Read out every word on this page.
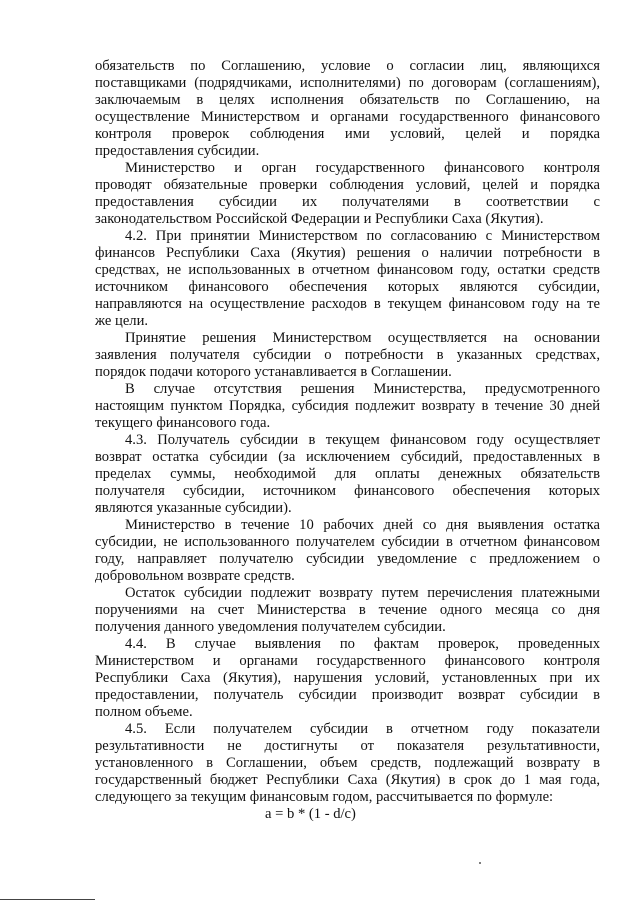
обязательств по Соглашению, условие о согласии лиц, являющихся
поставщиками (подрядчиками, исполнителями) по договорам (соглашениям),
заключаемым в целях исполнения обязательств по Соглашению, на
осуществление Министерством и органами государственного финансового
контроля проверок соблюдения ими условий, целей и порядка
предоставления субсидии.
Министерство и орган государственного финансового контроля
проводят обязательные проверки соблюдения условий, целей и порядка
предоставления субсидии их получателями в соответствии с
законодательством Российской Федерации и Республики Саха (Якутия).
4.2. При принятии Министерством по согласованию с Министерством
финансов Республики Саха (Якутия) решения о наличии потребности в
средствах, не использованных в отчетном финансовом году, остатки средств
источником финансового обеспечения которых являются субсидии,
направляются на осуществление расходов в текущем финансовом году на те
же цели.
Принятие решения Министерством осуществляется на основании
заявления получателя субсидии о потребности в указанных средствах,
порядок подачи которого устанавливается в Соглашении.
В случае отсутствия решения Министерства, предусмотренного
настоящим пунктом Порядка, субсидия подлежит возврату в течение 30 дней
текущего финансового года.
4.3. Получатель субсидии в текущем финансовом году осуществляет
возврат остатка субсидии (за исключением субсидий, предоставленных в
пределах суммы, необходимой для оплаты денежных обязательств
получателя субсидии, источником финансового обеспечения которых
являются указанные субсидии).
Министерство в течение 10 рабочих дней со дня выявления остатка
субсидии, не использованного получателем субсидии в отчетном финансовом
году, направляет получателю субсидии уведомление с предложением о
добровольном возврате средств.
Остаток субсидии подлежит возврату путем перечисления платежными
поручениями на счет Министерства в течение одного месяца со дня
получения данного уведомления получателем субсидии.
4.4. В случае выявления по фактам проверок, проведенных
Министерством и органами государственного финансового контроля
Республики Саха (Якутия), нарушения условий, установленных при их
предоставлении, получатель субсидии производит возврат субсидии в
полном объеме.
4.5. Если получателем субсидии в отчетном году показатели
результативности не достигнуты от показателя результативности,
установленного в Соглашении, объем средств, подлежащий возврату в
государственный бюджет Республики Саха (Якутия) в срок до 1 мая года,
следующего за текущим финансовым годом, рассчитывается по формуле:

a = b * (1 - d/c)
